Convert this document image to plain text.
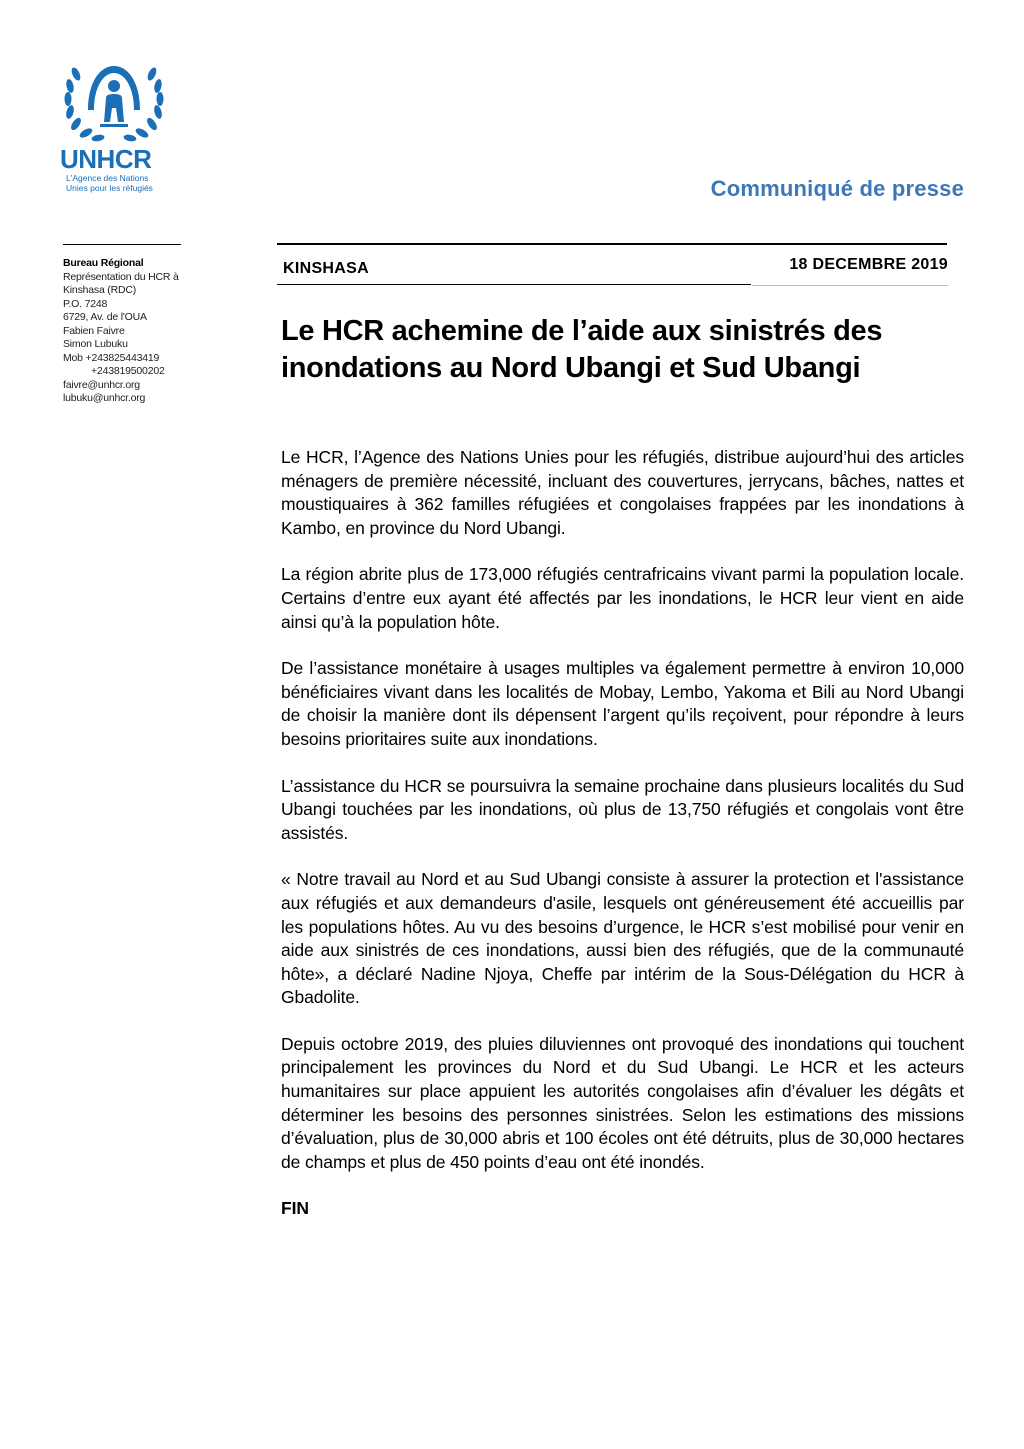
UNHCR
L'Agence des Nations
Unies pour les réfugiés	Communiqué de presse
Bureau Régional
Représentation du HCR à
Kinshasa (RDC)
P.O. 7248
6729, Av. de l'OUA
Fabien Faivre
Simon Lubuku
Mob +243825443419
+243819500202
faivre@unhcr.org
lubuku@unhcr.org
KINSHASA	18 DECEMBRE 2019
Le HCR achemine de l’aide aux sinistrés des inondations au Nord Ubangi et Sud Ubangi

Le HCR, l’Agence des Nations Unies pour les réfugiés, distribue aujourd’hui des articles ménagers de première nécessité, incluant des couvertures, jerrycans, bâches, nattes et moustiquaires à 362 familles réfugiées et congolaises frappées par les inondations à Kambo, en province du Nord Ubangi.

La région abrite plus de 173,000 réfugiés centrafricains vivant parmi la population locale. Certains d’entre eux ayant été affectés par les inondations, le HCR leur vient en aide ainsi qu’à la population hôte.

De l’assistance monétaire à usages multiples va également permettre à environ 10,000 bénéficiaires vivant dans les localités de Mobay, Lembo, Yakoma et Bili au Nord Ubangi de choisir la manière dont ils dépensent l’argent qu’ils reçoivent, pour répondre à leurs besoins prioritaires suite aux inondations.

L’assistance du HCR se poursuivra la semaine prochaine dans plusieurs localités du Sud Ubangi touchées par les inondations, où plus de 13,750 réfugiés et congolais vont être assistés.

« Notre travail au Nord et au Sud Ubangi consiste à assurer la protection et l'assistance aux réfugiés et aux demandeurs d'asile, lesquels ont généreusement été accueillis par les populations hôtes. Au vu des besoins d’urgence, le HCR s’est mobilisé pour venir en aide aux sinistrés de ces inondations, aussi bien des réfugiés, que de la communauté hôte», a déclaré Nadine Njoya, Cheffe par intérim de la Sous-Délégation du HCR à Gbadolite.

Depuis octobre 2019, des pluies diluviennes ont provoqué des inondations qui touchent principalement les provinces du Nord et du Sud Ubangi. Le HCR et les acteurs humanitaires sur place appuient les autorités congolaises afin d’évaluer les dégâts et déterminer les besoins des personnes sinistrées. Selon les estimations des missions d’évaluation, plus de 30,000 abris et 100 écoles ont été détruits, plus de 30,000 hectares de champs et plus de 450 points d’eau ont été inondés.

FIN
